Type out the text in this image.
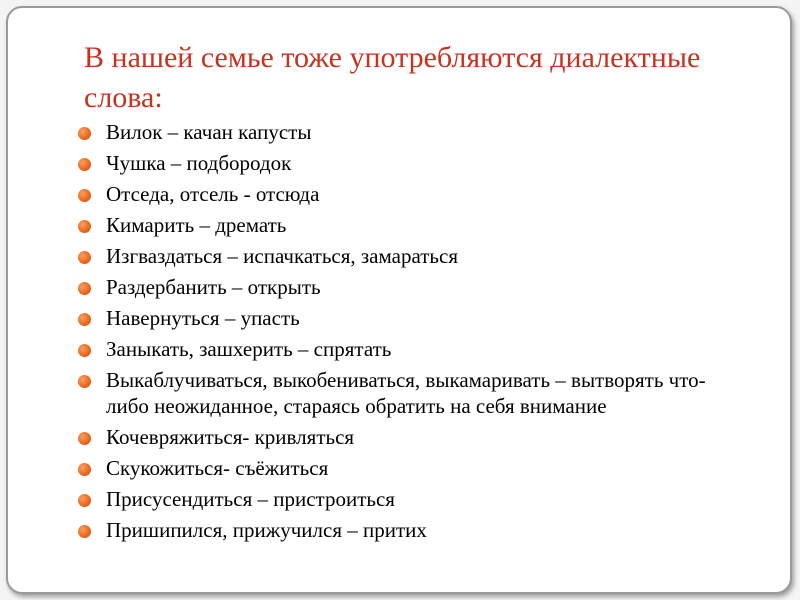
В нашей семье тоже употребляются диалектные слова:
Вилок – качан капусты
Чушка – подбородок
Отседа, отсель - отсюда
Кимарить – дремать
Изгваздаться – испачкаться, замараться
Раздербанить – открыть
Навернуться – упасть
Заныкать, зашхерить – спрятать
Выкаблучиваться, выкобениваться, выкамаривать – вытворять что- либо неожиданное, стараясь обратить на себя внимание
Кочевряжиться- кривляться
Скукожиться- съёжиться
Присусендиться – пристроиться
Пришипился, прижучился – притих
